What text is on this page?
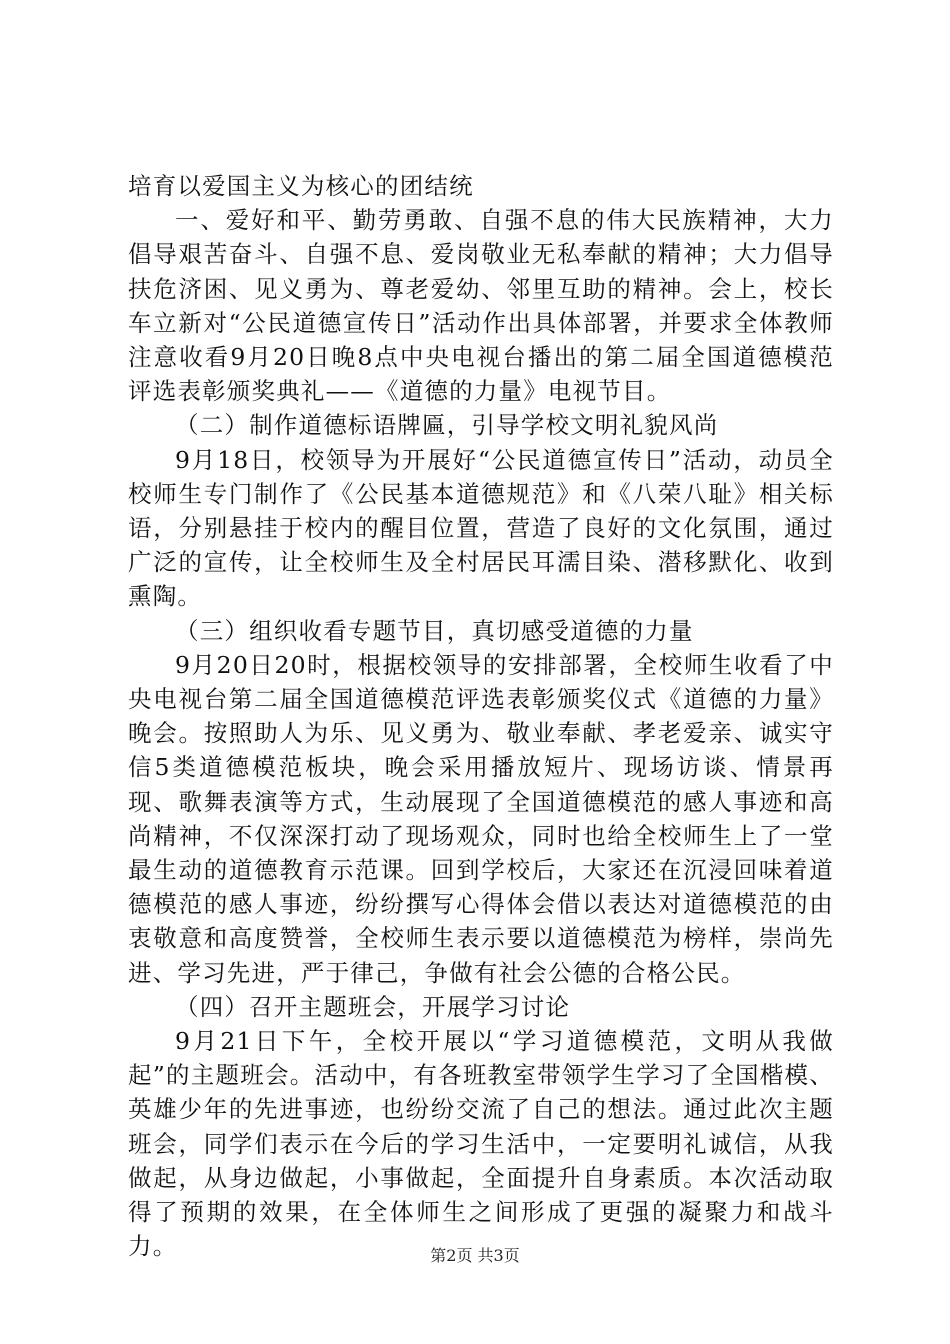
培育以爱国主义为核心的团结统

一、爱好和平、勤劳勇敢、自强不息的伟大民族精神，大力倡导艰苦奋斗、自强不息、爱岗敬业无私奉献的精神；大力倡导扶危济困、见义勇为、尊老爱幼、邻里互助的精神。会上，校长车立新对“公民道德宣传日”活动作出具体部署，并要求全体教师注意收看9月20日晚8点中央电视台播出的第二届全国道德模范评选表彰颁奖典礼——《道德的力量》电视节目。

（二）制作道德标语牌匾，引导学校文明礼貌风尚

9月18日，校领导为开展好“公民道德宣传日”活动，动员全校师生专门制作了《公民基本道德规范》和《八荣八耻》相关标语，分别悬挂于校内的醒目位置，营造了良好的文化氛围，通过广泛的宣传，让全校师生及全村居民耳濡目染、潜移默化、收到熏陶。

（三）组织收看专题节目，真切感受道德的力量

9月20日20时，根据校领导的安排部署，全校师生收看了中央电视台第二届全国道德模范评选表彰颁奖仪式《道德的力量》晚会。按照助人为乐、见义勇为、敬业奉献、孝老爱亲、诚实守信5类道德模范板块，晚会采用播放短片、现场访谈、情景再现、歌舞表演等方式，生动展现了全国道德模范的感人事迹和高尚精神，不仅深深打动了现场观众，同时也给全校师生上了一堂最生动的道德教育示范课。回到学校后，大家还在沉浸回味着道德模范的感人事迹，纷纷撰写心得体会借以表达对道德模范的由衷敬意和高度赞誉，全校师生表示要以道德模范为榜样，崇尚先进、学习先进，严于律己，争做有社会公德的合格公民。

（四）召开主题班会，开展学习讨论

9月21日下午，全校开展以“学习道德模范，文明从我做起”的主题班会。活动中，有各班教室带领学生学习了全国楷模、英雄少年的先进事迹，也纷纷交流了自己的想法。通过此次主题班会，同学们表示在今后的学习生活中，一定要明礼诚信，从我做起，从身边做起，小事做起，全面提升自身素质。本次活动取得了预期的效果，在全体师生之间形成了更强的凝聚力和战斗力。	第2页 共3页
